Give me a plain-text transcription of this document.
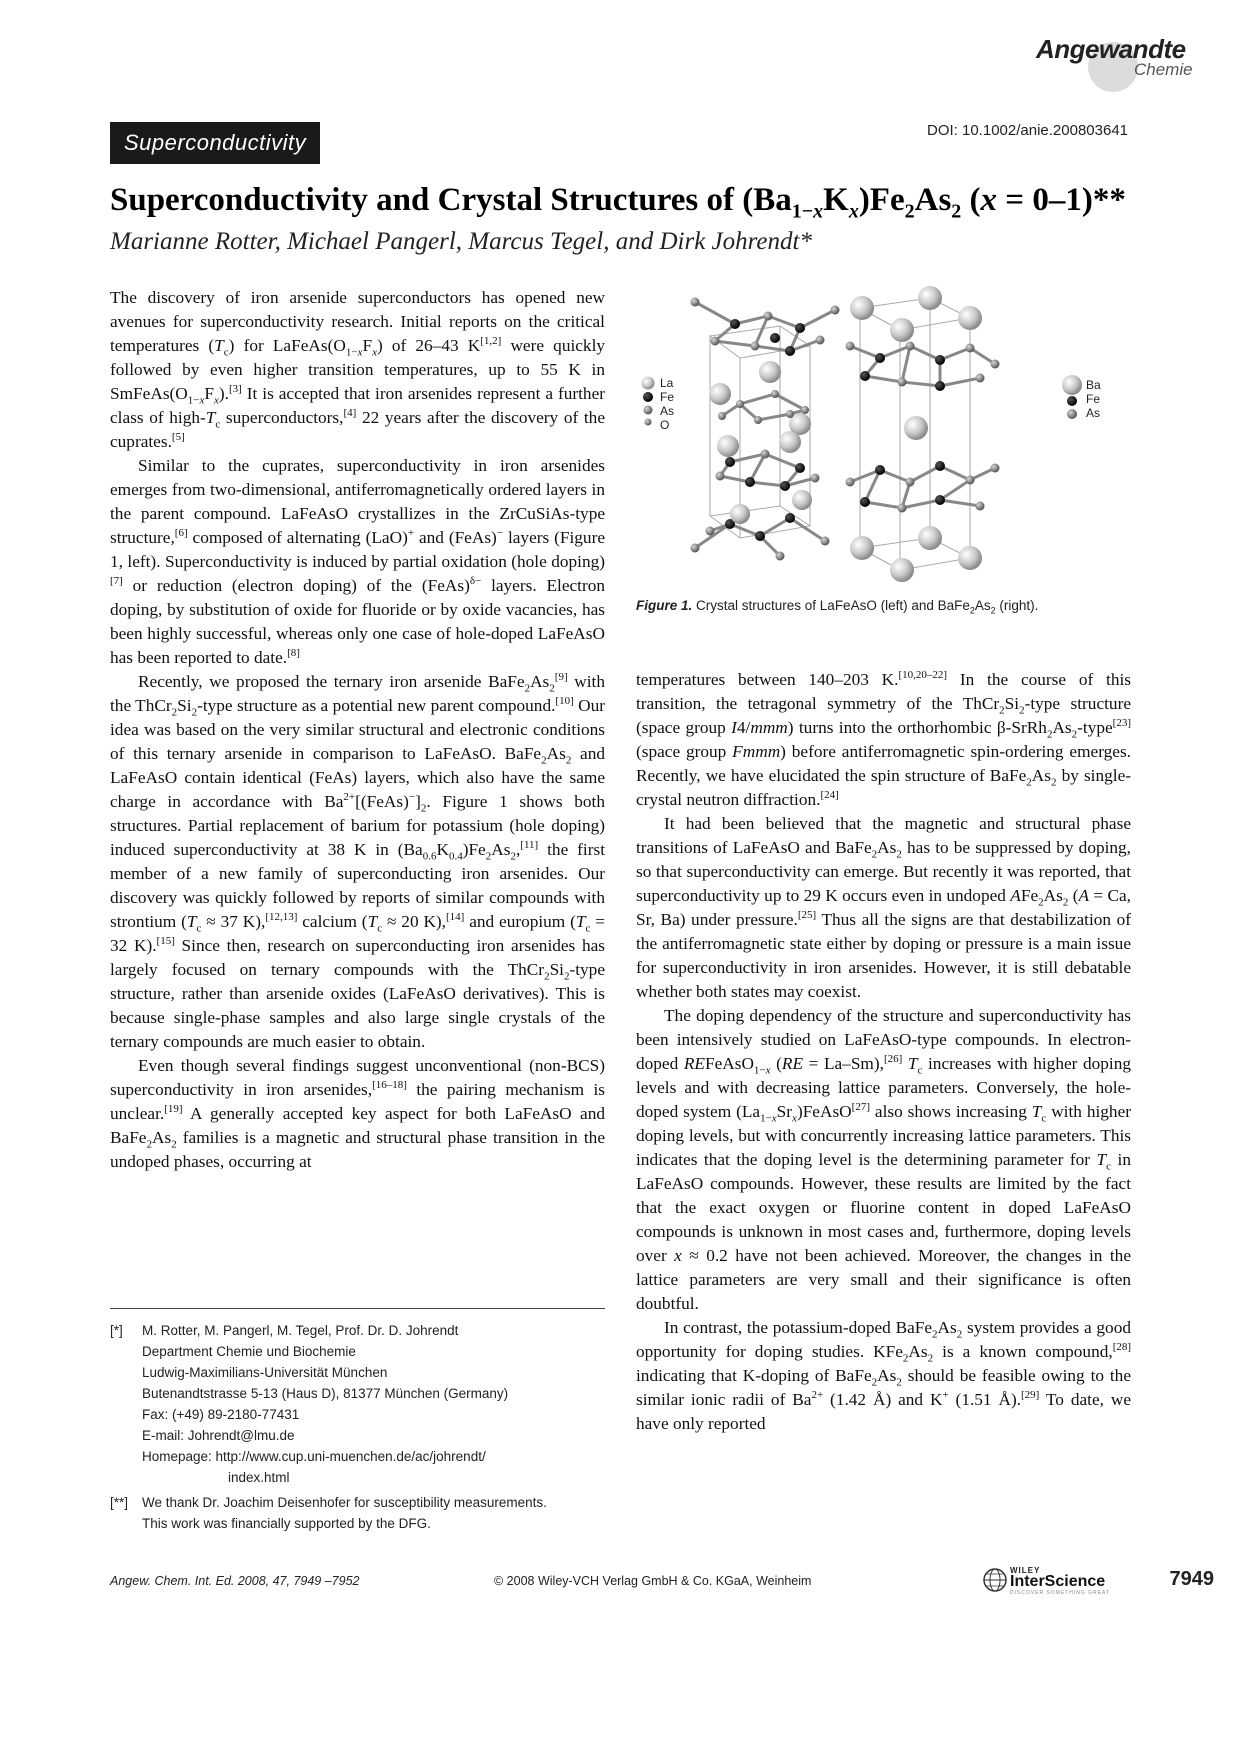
Angewandte
Chemie
Superconductivity	DOI: 10.1002/anie.200803641
Superconductivity and Crystal Structures of $(Ba_{1-x}K_x)Fe_2As_2$ (x = 0–1)**
Marianne Rotter, Michael Pangerl, Marcus Tegel, and Dirk Johrendt*

The discovery of iron arsenide superconductors has opened new avenues for superconductivity research. Initial reports on the critical temperatures $(T_c)$ for $LaFeAs(O_{1-x}F_x)$ of 26–43 K[1,2] were quickly followed by even higher transition temperatures, up to 55 K in $SmFeAs(O_{1-x}F_x).[3]$ It is accepted that iron arsenides represent a further class of high-$T_c$ superconductors,[4] 22 years after the discovery of the cuprates.[5]

Similar to the cuprates, superconductivity in iron arsenides emerges from two-dimensional, antiferromagnetically ordered layers in the parent compound. LaFeAsO crystallizes in the ZrCuSiAs-type structure,[6] composed of alternating (LaO)+ and (FeAs)− layers (Figure 1, left). Superconductivity is induced by partial oxidation (hole doping)[7] or reduction (electron doping) of the (FeAs)$^{\delta-}$ layers. Electron doping, by substitution of oxide for fluoride or by oxide vacancies, has been highly successful, whereas only one case of hole-doped LaFeAsO has been reported to date.[8]

Recently, we proposed the ternary iron arsenide $BaFe_2As_2[9]$ with the $ThCr_2Si_2$-type structure as a potential new parent compound.[10] Our idea was based on the very similar structural and electronic conditions of this ternary arsenide in comparison to LaFeAsO. $BaFe_2As_2$ and LaFeAsO contain identical (FeAs) layers, which also have the same charge in accordance with $Ba^{2+}[(FeAs)^-]_2$. Figure 1 shows both structures. Partial replacement of barium for potassium (hole doping) induced superconductivity at 38 K in $(Ba_{0.6}K_{0.4})Fe_2As_2,[11]$ the first member of a new family of superconducting iron arsenides. Our discovery was quickly followed by reports of similar compounds with strontium ($T_c \approx 37$ K),[12,13] calcium ($T_c \approx 20$ K),[14] and europium ($T_c = 32$ K).[15] Since then, research on superconducting iron arsenides has largely focused on ternary compounds with the $ThCr_2Si_2$-type structure, rather than arsenide oxides (LaFeAsO derivatives). This is because single-phase samples and also large single crystals of the ternary compounds are much easier to obtain.

Even though several findings suggest unconventional (non-BCS) superconductivity in iron arsenides,[16–18] the pairing mechanism is unclear.[19] A generally accepted key aspect for both LaFeAsO and $BaFe_2As_2$ families is a magnetic and structural phase transition in the undoped phases, occurring at

[*] M. Rotter, M. Pangerl, M. Tegel, Prof. Dr. D. Johrendt
Department Chemie und Biochemie
Ludwig-Maximilians-Universität München
Butenandtstrasse 5-13 (Haus D), 81377 München (Germany)
Fax: (+49) 89-2180-77431
E-mail: Johrendt@lmu.de
Homepage: http://www.cup.uni-muenchen.de/ac/johrendt/
index.html
[**] We thank Dr. Joachim Deisenhofer for susceptibility measurements.
This work was financially supported by the DFG.
La
Fe
As
O
Ba
Fe
As
Figure 1. Crystal structures of LaFeAsO (left) and $BaFe_2As_2$ (right).

temperatures between 140–203 K.[10,20–22] In the course of this transition, the tetragonal symmetry of the $ThCr_2Si_2$-type structure (space group I4/mmm) turns into the orthorhombic $\beta-SrRh_2As_2-type[23]$ (space group Fmmm) before antiferromagnetic spin-ordering emerges. Recently, we have elucidated the spin structure of $BaFe_2As_2$ by single-crystal neutron diffraction.[24]

It had been believed that the magnetic and structural phase transitions of LaFeAsO and $BaFe_2As_2$ has to be suppressed by doping, so that superconductivity can emerge. But recently it was reported, that superconductivity up to 29 K occurs even in undoped $AFe_2As_2$ (A = Ca, Sr, Ba) under pressure.[25] Thus all the signs are that destabilization of the antiferromagnetic state either by doping or pressure is a main issue for superconductivity in iron arsenides. However, it is still debatable whether both states may coexist.

The doping dependency of the structure and superconductivity has been intensively studied on LaFeAsO-type compounds. In electron-doped REFeAsO$_{1-x}$ (RE = La–Sm),[26] $T_c$ increases with higher doping levels and with decreasing lattice parameters. Conversely, the hole-doped system $(La_{1-x}Sr_x)FeAsO[27]$ also shows increasing $T_c$ with higher doping levels, but with concurrently increasing lattice parameters. This indicates that the doping level is the determining parameter for $T_c$ in LaFeAsO compounds. However, these results are limited by the fact that the exact oxygen or fluorine content in doped LaFeAsO compounds is unknown in most cases and, furthermore, doping levels over x ≈ 0.2 have not been achieved. Moreover, the changes in the lattice parameters are very small and their significance is often doubtful.

In contrast, the potassium-doped $BaFe_2As_2$ system provides a good opportunity for doping studies. $KFe_2As_2$ is a known compound,[28] indicating that K-doping of $BaFe_2As_2$ should be feasible owing to the similar ionic radii of $Ba^{2+}$ (1.42 Å) and K+ (1.51 Å).[29] To date, we have only reported

Angew. Chem. Int. Ed. 2008, 47, 7949 –7952	© 2008 Wiley-VCH Verlag GmbH & Co. KGaA, Weinheim
WILEY
InterScience
DISCOVER SOMETHING GREAT
7949
